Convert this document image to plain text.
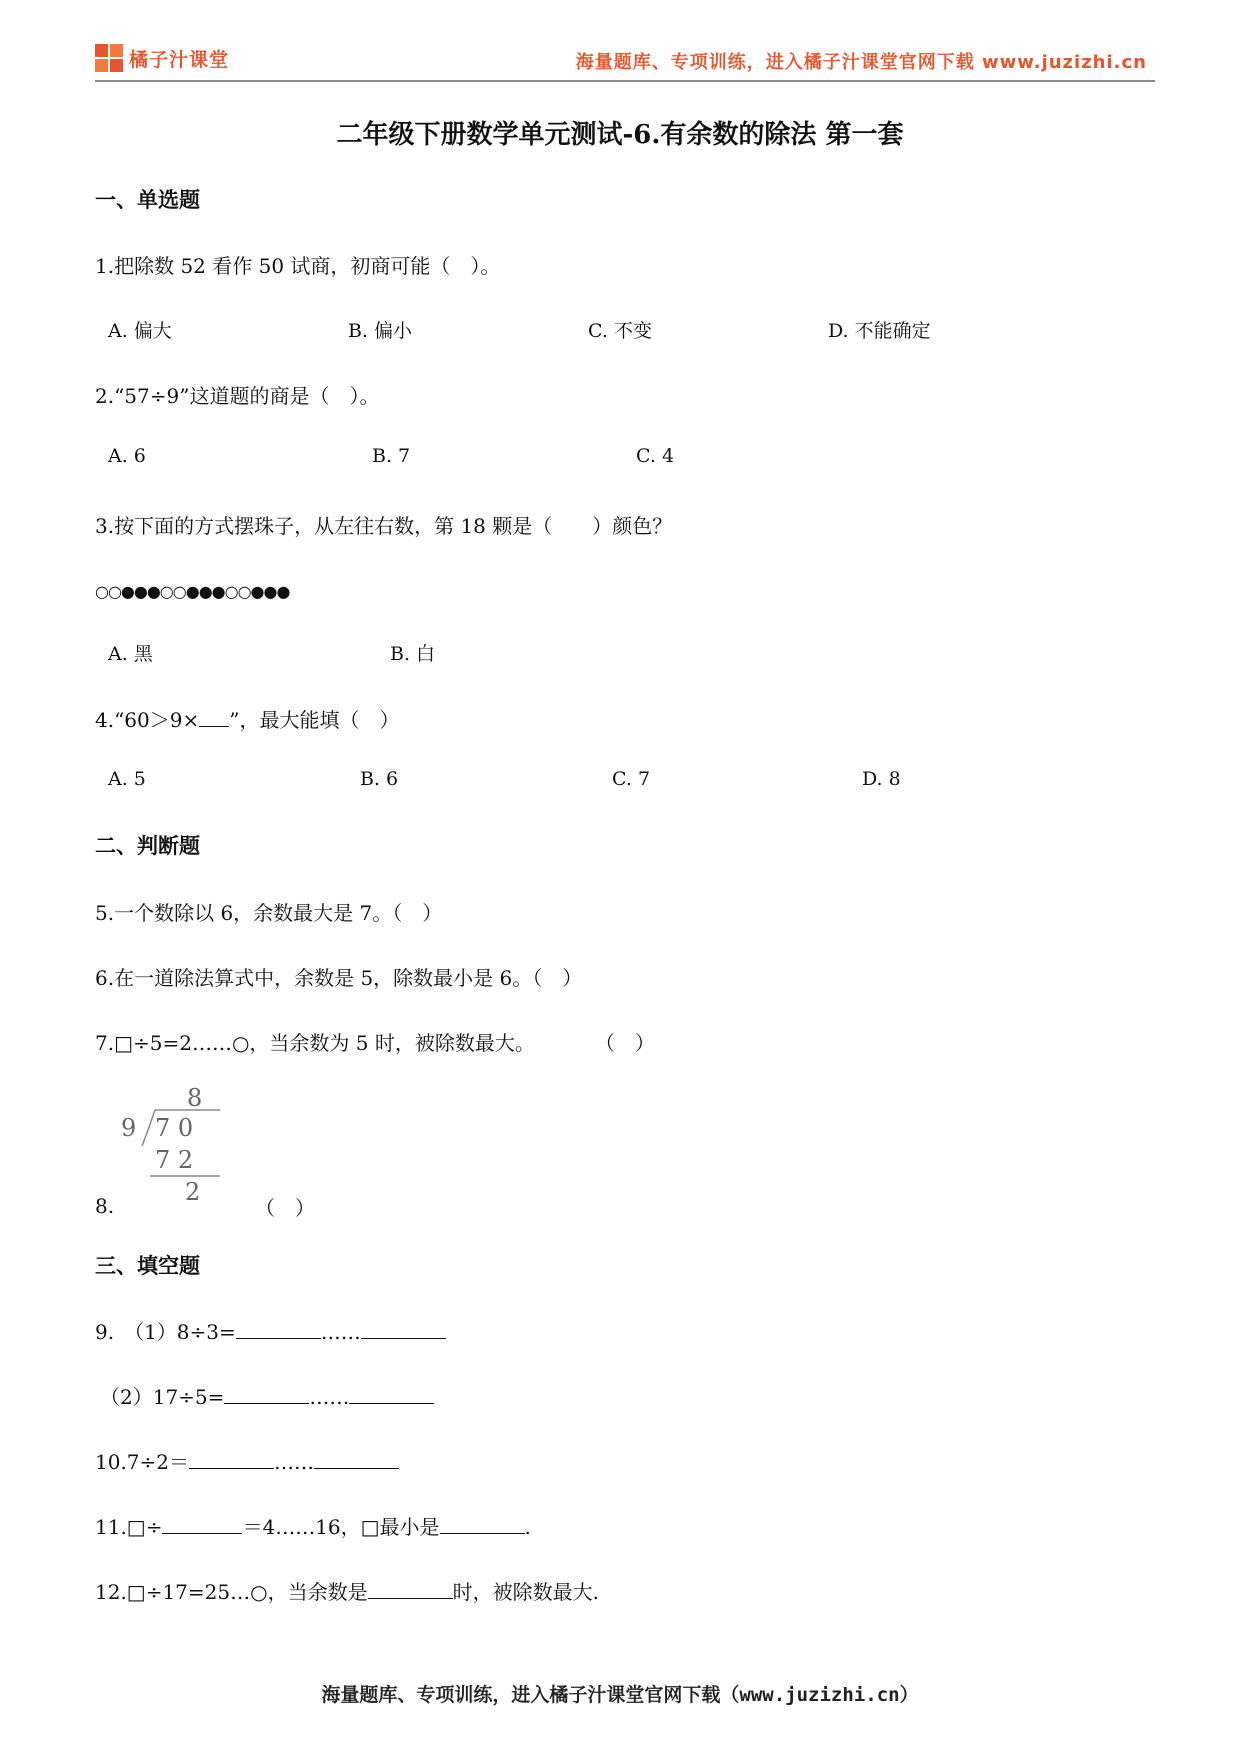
橘子汁课堂	海量题库、专项训练，进入橘子汁课堂官网下载 www.juzizhi.cn
二年级下册数学单元测试-6.有余数的除法 第一套
一、单选题
1.把除数 52 看作 50 试商，初商可能（　）。
A. 偏大	B. 偏小	C. 不变	D. 不能确定
2.“57÷9”这道题的商是（　）。
A. 6	B. 7	C. 4
3.按下面的方式摆珠子，从左往右数，第 18 颗是（　　）颜色？
○○●●●○○●●●○○●●●
A. 黑	B. 白
4.“60＞9× ”，最大能填（　）
A. 5	B. 6	C. 7	D. 8
二、判断题
5.一个数除以 6，余数最大是 7。（　）
6.在一道除法算式中，余数是 5，除数最小是 6。（　）
7.□÷5=2……○，当余数为 5 时，被除数最大。	（　）
8
9 7 0
7 2
2
8.	（　）
三、填空题
9.　（1）8÷3=	……
（2）17÷5=	……
10.7÷2＝	……
11.□÷	＝4……16，□最小是	.
12.□÷17=25…○，当余数是	时，被除数最大.
海量题库、专项训练，进入橘子汁课堂官网下载（www.juzizhi.cn）
